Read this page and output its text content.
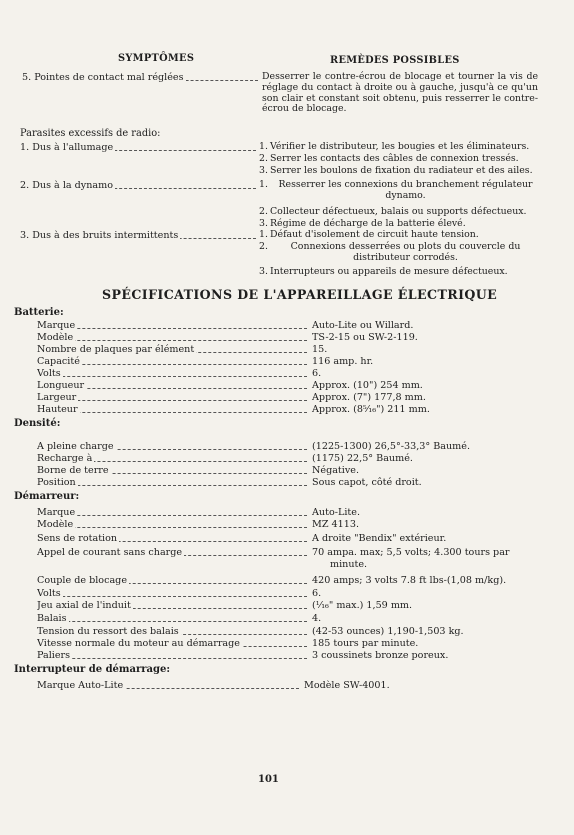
SYMPTÔMES	REMÈDES POSSIBLES
5. Pointes de contact mal réglées	Desserrer le contre-écrou de blocage et tourner la vis de réglage du contact à droite ou à gauche, jusqu'à ce qu'un son clair et constant soit obtenu, puis resserrer le contre-écrou de blocage.
Parasites excessifs de radio:
1. Dus à l'allumage	1. Vérifier le distributeur, les bougies et les éliminateurs.
2. Serrer les contacts des câbles de connexion tressés.
3. Serrer les boulons de fixation du radiateur et des ailes.
2. Dus à la dynamo	1.	Resserrer les connexions du branchement régulateur dynamo.
2. Collecteur défectueux, balais ou supports défectueux.
3. Régime de décharge de la batterie élevé.
3. Dus à des bruits intermittents	1. Défaut d'isolement de circuit haute tension.
2.	Connexions desserrées ou plots du couvercle du distributeur corrodés.
3. Interrupteurs ou appareils de mesure défectueux.
SPÉCIFICATIONS DE L'APPAREILLAGE ÉLECTRIQUE
Batterie:
Marque	Auto-Lite ou Willard.
Modèle	TS-2-15 ou SW-2-119.
Nombre de plaques par élément	15.
Capacité	116 amp. hr.
Volts	6.
Longueur	Approx. (10") 254 mm.
Largeur	Approx. (7") 177,8 mm.
Hauteur	Approx. (8⁵⁄₁₆") 211 mm.
Densité:
A pleine charge	(1225-1300) 26,5°-33,3° Baumé.
Recharge à	(1175) 22,5° Baumé.
Borne de terre	Négative.
Position	Sous capot, côté droit.
Démarreur:
Marque	Auto-Lite.
Modèle	MZ 4113.
Sens de rotation	A droite "Bendix" extérieur.
Appel de courant sans charge	70 ampa. max; 5,5 volts; 4.300 tours par
minute.
Couple de blocage	420 amps; 3 volts 7.8 ft lbs-(1,08 m/kg).
Volts	6.
Jeu axial de l'induit	(¹⁄₁₆" max.) 1,59 mm.
Balais	4.
Tension du ressort des balais	(42-53 ounces) 1,190-1,503 kg.
Vitesse normale du moteur au démarrage	185 tours par minute.
Paliers	3 coussinets bronze poreux.
Interrupteur de démarrage:
Marque Auto-Lite	Modèle SW-4001.
101
